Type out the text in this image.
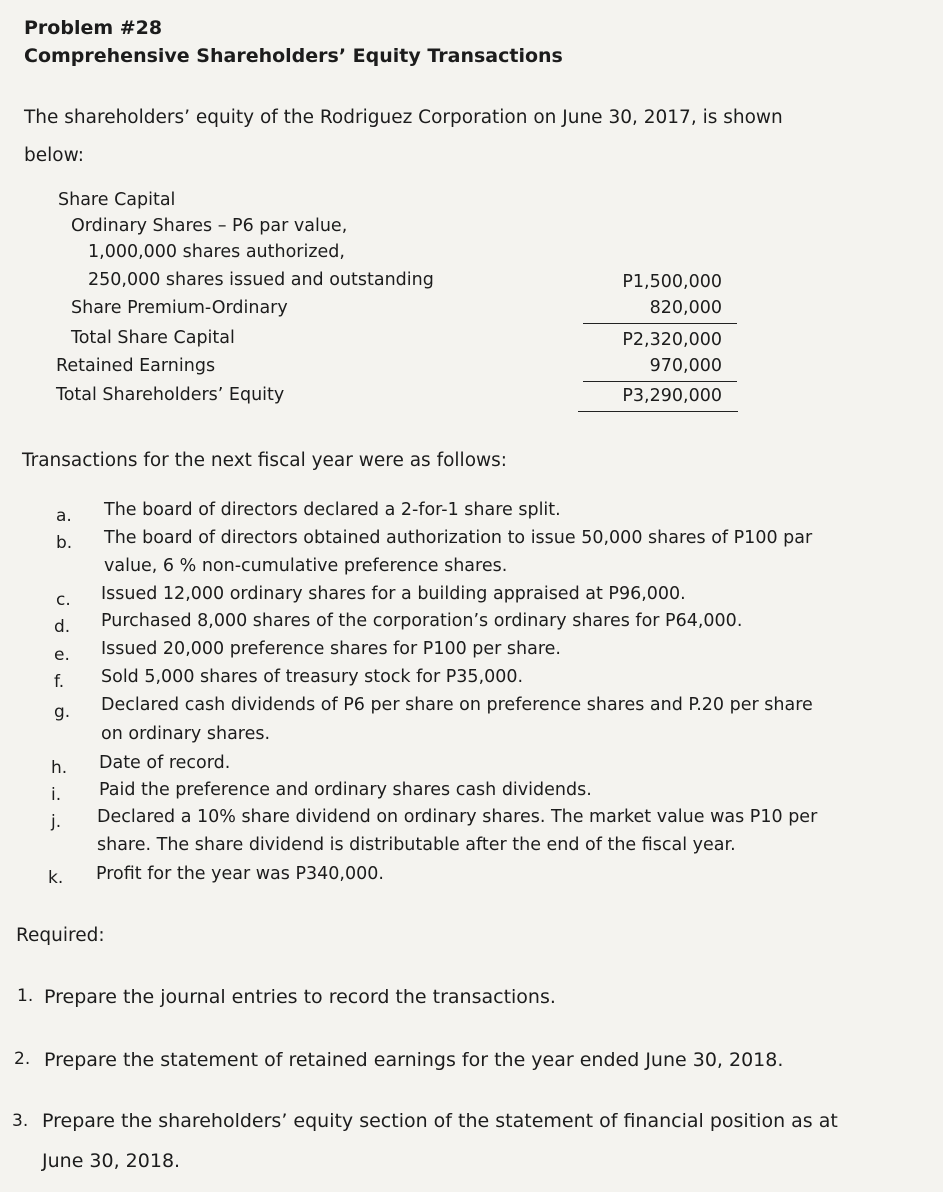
Problem #28
Comprehensive Shareholders’ Equity Transactions
The shareholders’ equity of the Rodriguez Corporation on June 30, 2017, is shown
below:
Share Capital
Ordinary Shares – P6 par value,
1,000,000 shares authorized,
250,000 shares issued and outstanding	P1,500,000
Share Premium-Ordinary	820,000
Total Share Capital	P2,320,000
Retained Earnings	970,000
Total Shareholders’ Equity	P3,290,000
Transactions for the next fiscal year were as follows:
a. The board of directors declared a 2-for-1 share split.
b. The board of directors obtained authorization to issue 50,000 shares of P100 par
value, 6 % non-cumulative preference shares.
c. Issued 12,000 ordinary shares for a building appraised at P96,000.
d. Purchased 8,000 shares of the corporation’s ordinary shares for P64,000.
e. Issued 20,000 preference shares for P100 per share.
f. Sold 5,000 shares of treasury stock for P35,000.
g. Declared cash dividends of P6 per share on preference shares and P.20 per share
on ordinary shares.
h. Date of record.
i. Paid the preference and ordinary shares cash dividends.
j. Declared a 10% share dividend on ordinary shares. The market value was P10 per
share. The share dividend is distributable after the end of the fiscal year.
k. Profit for the year was P340,000.
Required:
1. Prepare the journal entries to record the transactions.
2. Prepare the statement of retained earnings for the year ended June 30, 2018.
3. Prepare the shareholders’ equity section of the statement of financial position as at
June 30, 2018.
